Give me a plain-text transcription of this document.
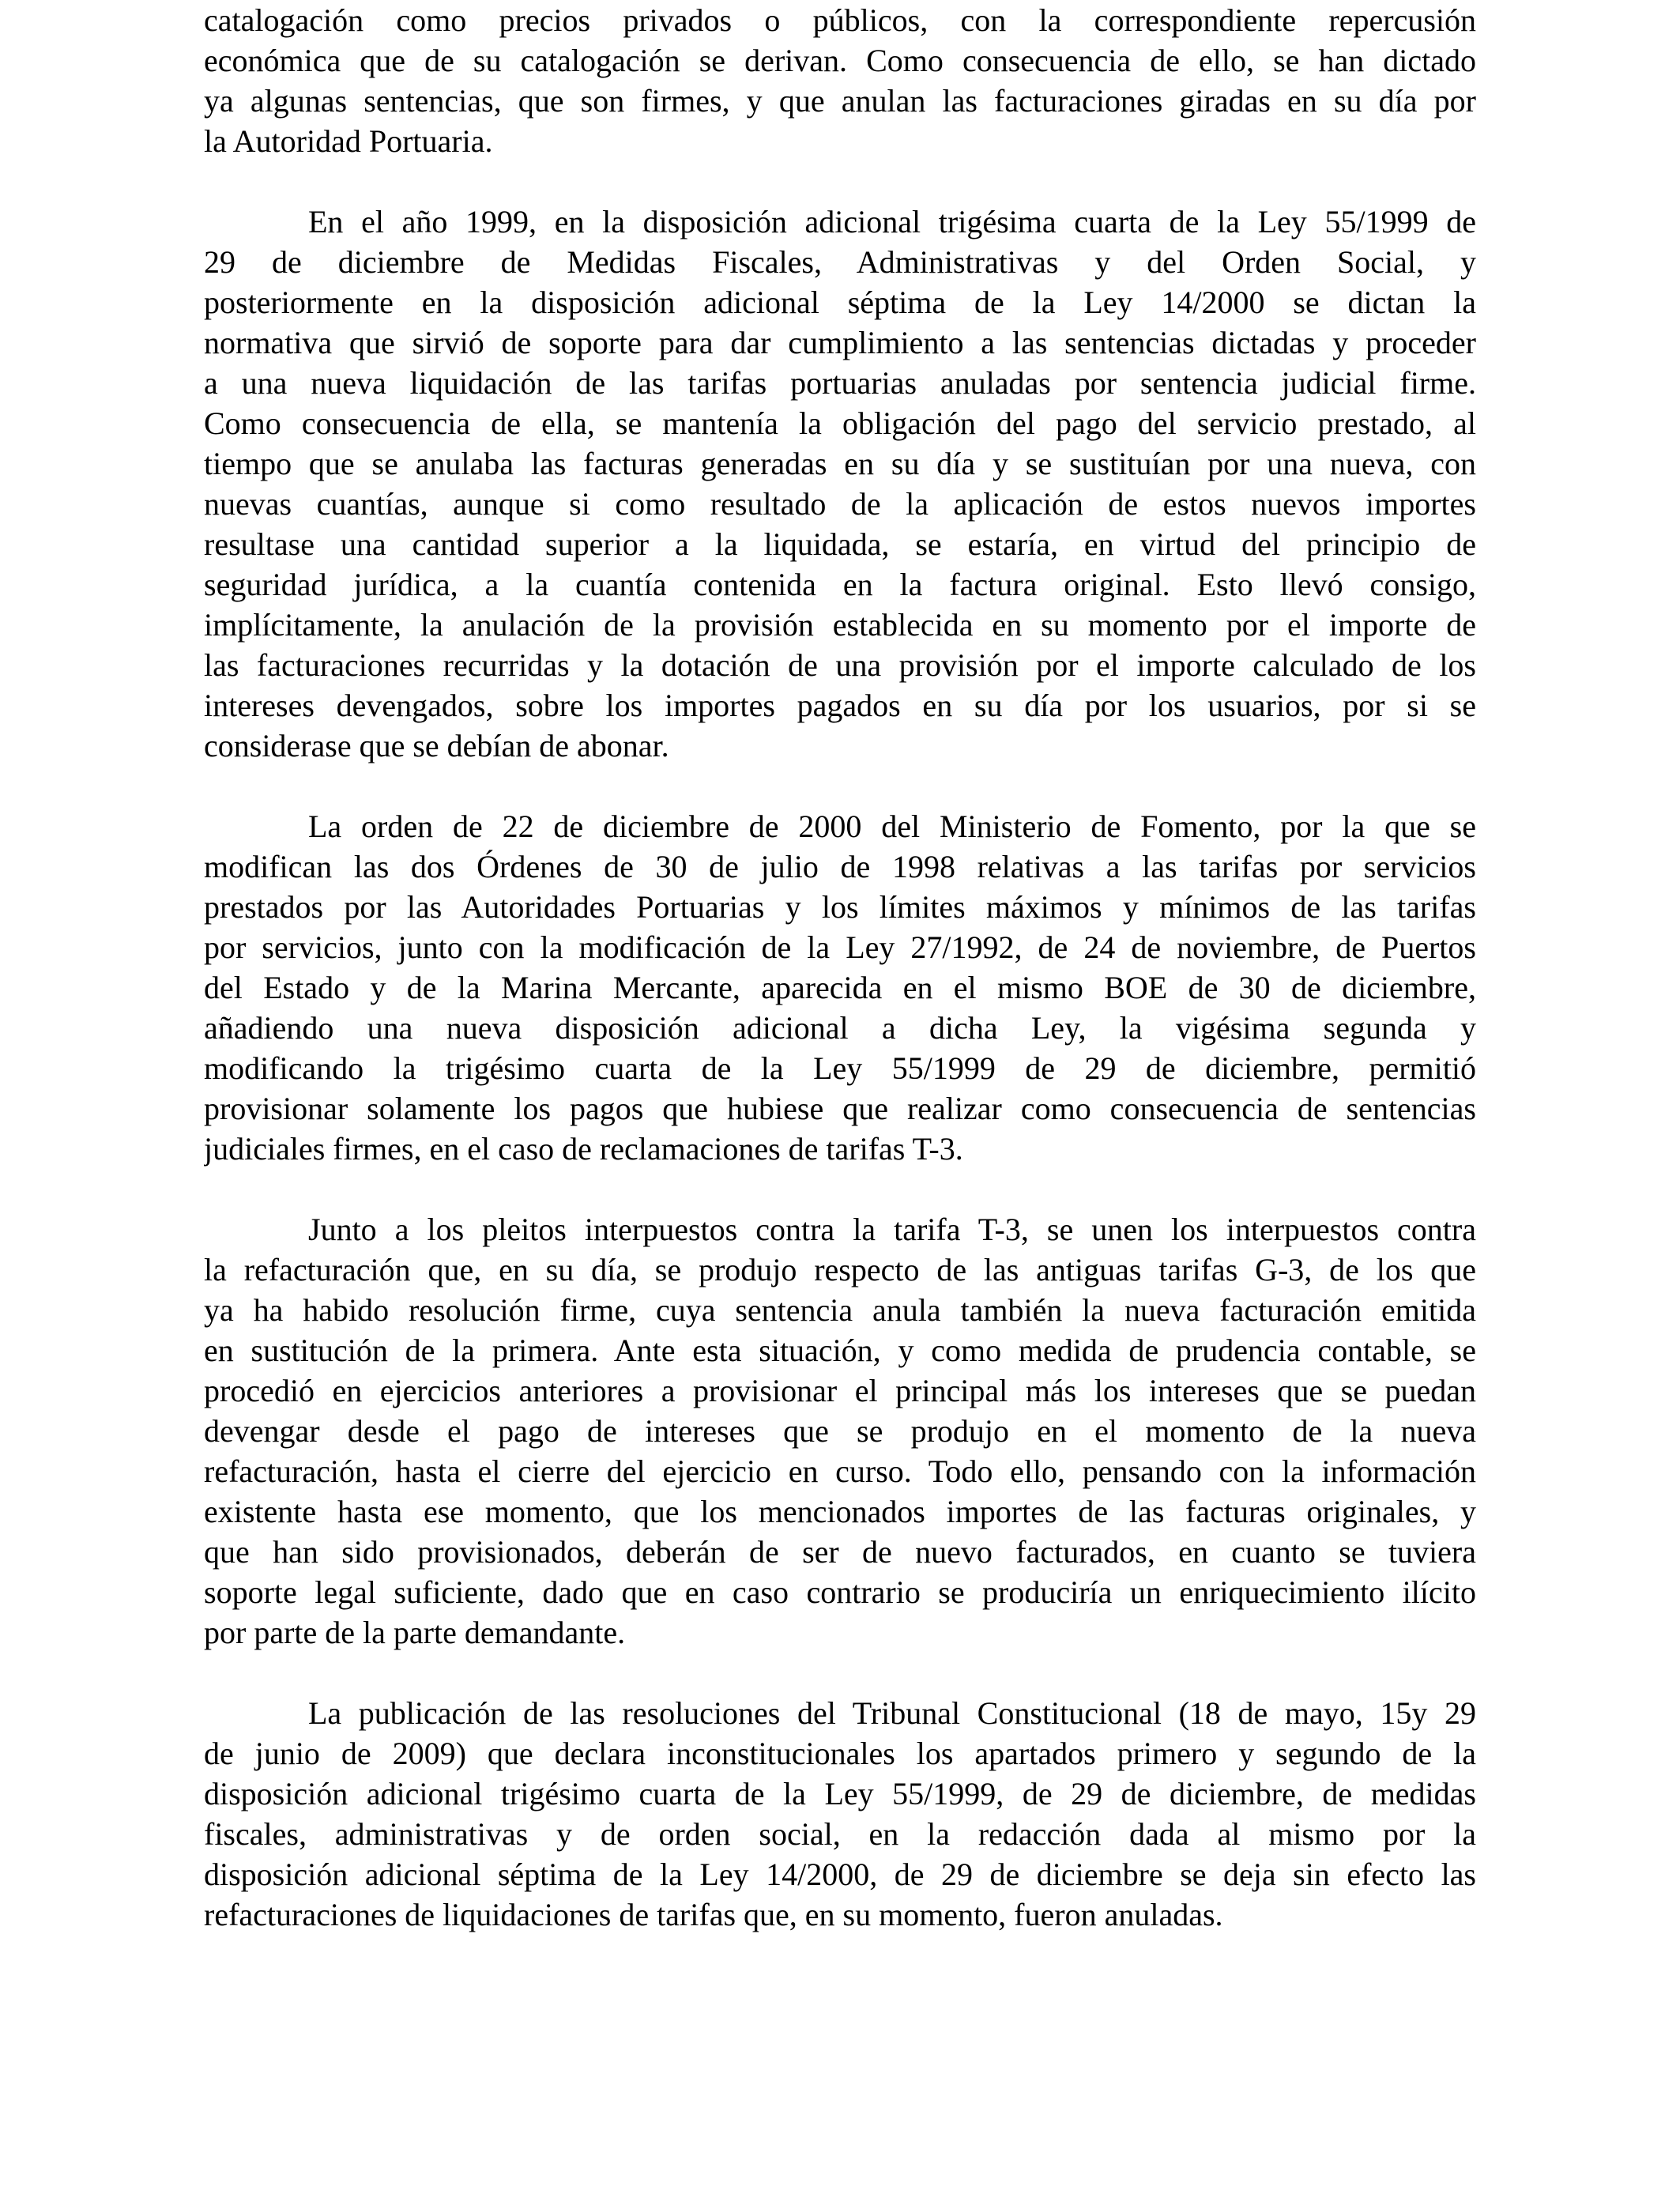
catalogación como precios privados o públicos, con la correspondiente repercusión
económica que de su catalogación se derivan. Como consecuencia de ello, se han dictado
ya algunas sentencias, que son firmes, y que anulan las facturaciones giradas en su día por
la Autoridad Portuaria.

En el año 1999, en la disposición adicional trigésima cuarta de la Ley 55/1999 de
29 de diciembre de Medidas Fiscales, Administrativas y del Orden Social, y
posteriormente en la disposición adicional séptima de la Ley 14/2000 se dictan la
normativa que sirvió de soporte para dar cumplimiento a las sentencias dictadas y proceder
a una nueva liquidación de las tarifas portuarias anuladas por sentencia judicial firme.
Como consecuencia de ella, se mantenía la obligación del pago del servicio prestado, al
tiempo que se anulaba las facturas generadas en su día y se sustituían por una nueva, con
nuevas cuantías, aunque si como resultado de la aplicación de estos nuevos importes
resultase una cantidad superior a la liquidada, se estaría, en virtud del principio de
seguridad jurídica, a la cuantía contenida en la factura original. Esto llevó consigo,
implícitamente, la anulación de la provisión establecida en su momento por el importe de
las facturaciones recurridas y la dotación de una provisión por el importe calculado de los
intereses devengados, sobre los importes pagados en su día por los usuarios, por si se
considerase que se debían de abonar.

La orden de 22 de diciembre de 2000 del Ministerio de Fomento, por la que se
modifican las dos Órdenes de 30 de julio de 1998 relativas a las tarifas por servicios
prestados por las Autoridades Portuarias y los límites máximos y mínimos de las tarifas
por servicios, junto con la modificación de la Ley 27/1992, de 24 de noviembre, de Puertos
del Estado y de la Marina Mercante, aparecida en el mismo BOE de 30 de diciembre,
añadiendo una nueva disposición adicional a dicha Ley, la vigésima segunda y
modificando la trigésimo cuarta de la Ley 55/1999 de 29 de diciembre, permitió
provisionar solamente los pagos que hubiese que realizar como consecuencia de sentencias
judiciales firmes, en el caso de reclamaciones de tarifas T-3.

Junto a los pleitos interpuestos contra la tarifa T-3, se unen los interpuestos contra
la refacturación que, en su día, se produjo respecto de las antiguas tarifas G-3, de los que
ya ha habido resolución firme, cuya sentencia anula también la nueva facturación emitida
en sustitución de la primera. Ante esta situación, y como medida de prudencia contable, se
procedió en ejercicios anteriores a provisionar el principal más los intereses que se puedan
devengar desde el pago de intereses que se produjo en el momento de la nueva
refacturación, hasta el cierre del ejercicio en curso. Todo ello, pensando con la información
existente hasta ese momento, que los mencionados importes de las facturas originales, y
que han sido provisionados, deberán de ser de nuevo facturados, en cuanto se tuviera
soporte legal suficiente, dado que en caso contrario se produciría un enriquecimiento ilícito
por parte de la parte demandante.

La publicación de las resoluciones del Tribunal Constitucional (18 de mayo, 15y 29
de junio de 2009) que declara inconstitucionales los apartados primero y segundo de la
disposición adicional trigésimo cuarta de la Ley 55/1999, de 29 de diciembre, de medidas
fiscales, administrativas y de orden social, en la redacción dada al mismo por la
disposición adicional séptima de la Ley 14/2000, de 29 de diciembre se deja sin efecto las
refacturaciones de liquidaciones de tarifas que, en su momento, fueron anuladas.
